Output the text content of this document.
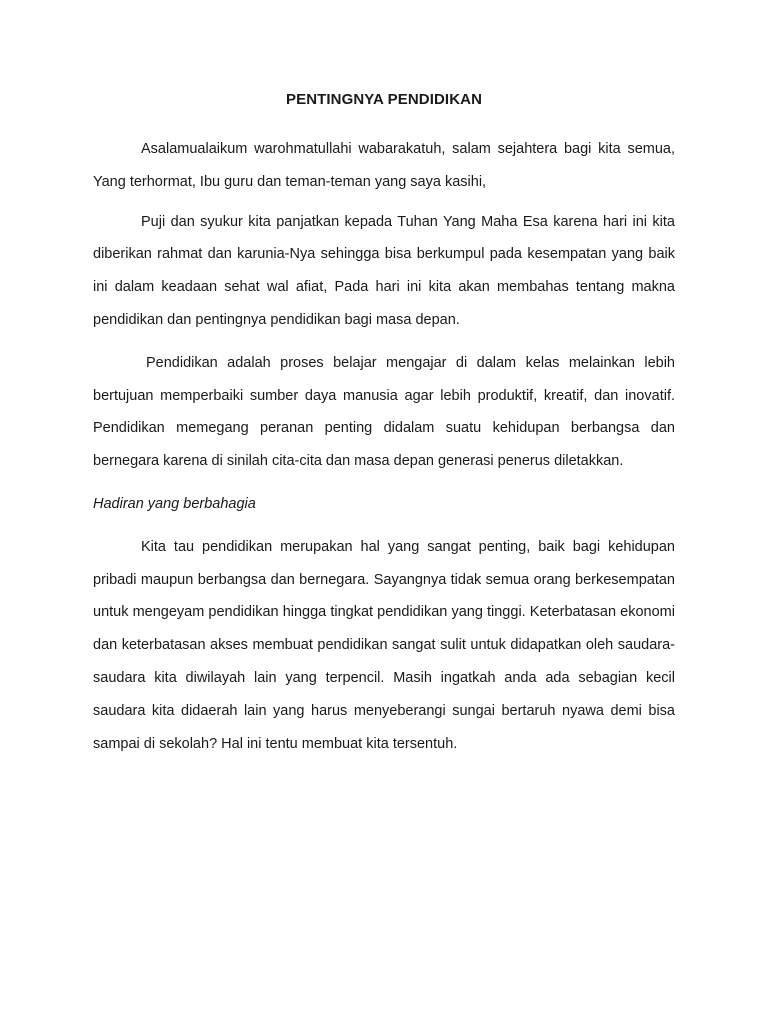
PENTINGNYA PENDIDIKAN

Asalamualaikum warohmatullahi wabarakatuh, salam sejahtera bagi kita semua, Yang terhormat, Ibu guru dan teman-teman yang saya kasihi,

Puji dan syukur kita panjatkan kepada Tuhan Yang Maha Esa karena hari ini kita diberikan rahmat dan karunia-Nya sehingga bisa berkumpul pada kesempatan yang baik ini dalam keadaan sehat wal afiat, Pada hari ini kita akan membahas tentang makna pendidikan dan pentingnya pendidikan bagi masa depan.

Pendidikan adalah proses belajar mengajar di dalam kelas melainkan lebih bertujuan memperbaiki sumber daya manusia agar lebih produktif, kreatif, dan inovatif. Pendidikan memegang peranan penting didalam suatu kehidupan berbangsa dan bernegara karena di sinilah cita-cita dan masa depan generasi penerus diletakkan.

Hadiran yang berbahagia

Kita tau pendidikan merupakan hal yang sangat penting, baik bagi kehidupan pribadi maupun berbangsa dan bernegara. Sayangnya tidak semua orang berkesempatan untuk mengeyam pendidikan hingga tingkat pendidikan yang tinggi. Keterbatasan ekonomi dan keterbatasan akses membuat pendidikan sangat sulit untuk didapatkan oleh saudara-saudara kita diwilayah lain yang terpencil. Masih ingatkah anda ada sebagian kecil saudara kita didaerah lain yang harus menyeberangi sungai bertaruh nyawa demi bisa sampai di sekolah? Hal ini tentu membuat kita tersentuh.
